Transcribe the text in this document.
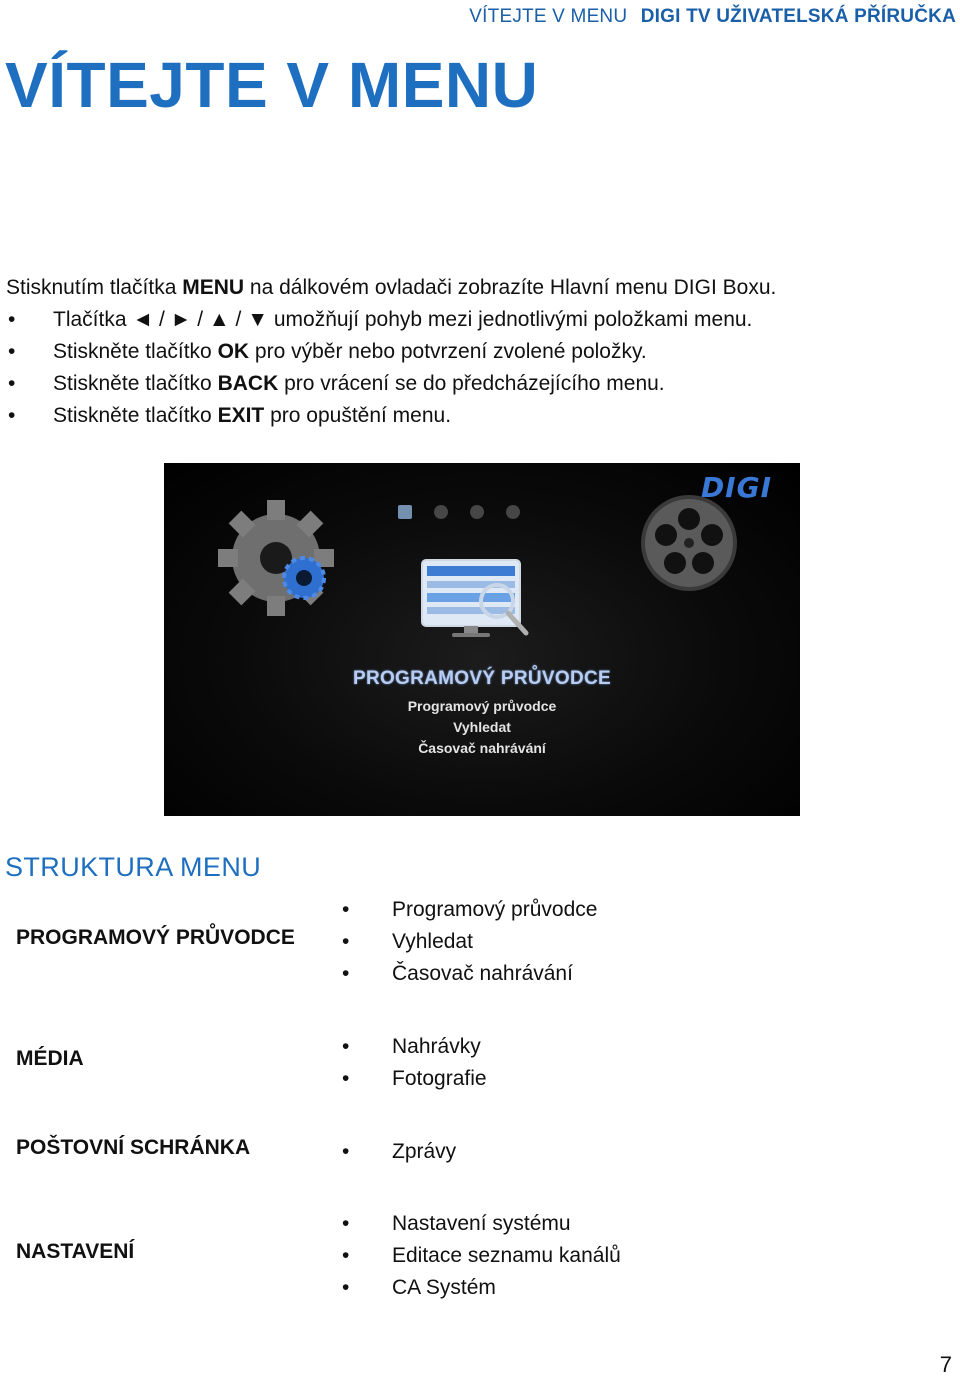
VÍTEJTE V MENU DIGI TV UŽIVATELSKÁ PŘÍRUČKA
VÍTEJTE V MENU

Stisknutím tlačítka MENU na dálkovém ovladači zobrazíte Hlavní menu DIGI Boxu.

• Tlačítka ◄ / ► / ▲ / ▼ umožňují pohyb mezi jednotlivými položkami menu.
• Stiskněte tlačítko OK pro výběr nebo potvrzení zvolené položky.
• Stiskněte tlačítko BACK pro vrácení se do předcházejícího menu.
• Stiskněte tlačítko EXIT pro opuštění menu.
DIGI
PROGRAMOVÝ PRŮVODCE
Programový průvodce
Vyhledat
Časovač nahrávání
STRUKTURA MENU
PROGRAMOVÝ PRŮVODCE
• Programový průvodce
• Vyhledat
• Časovač nahrávání
MÉDIA
• Nahrávky
• Fotografie
POŠTOVNÍ SCHRÁNKA	• Zprávy
NASTAVENÍ
• Nastavení systému
• Editace seznamu kanálů
• CA Systém
7
